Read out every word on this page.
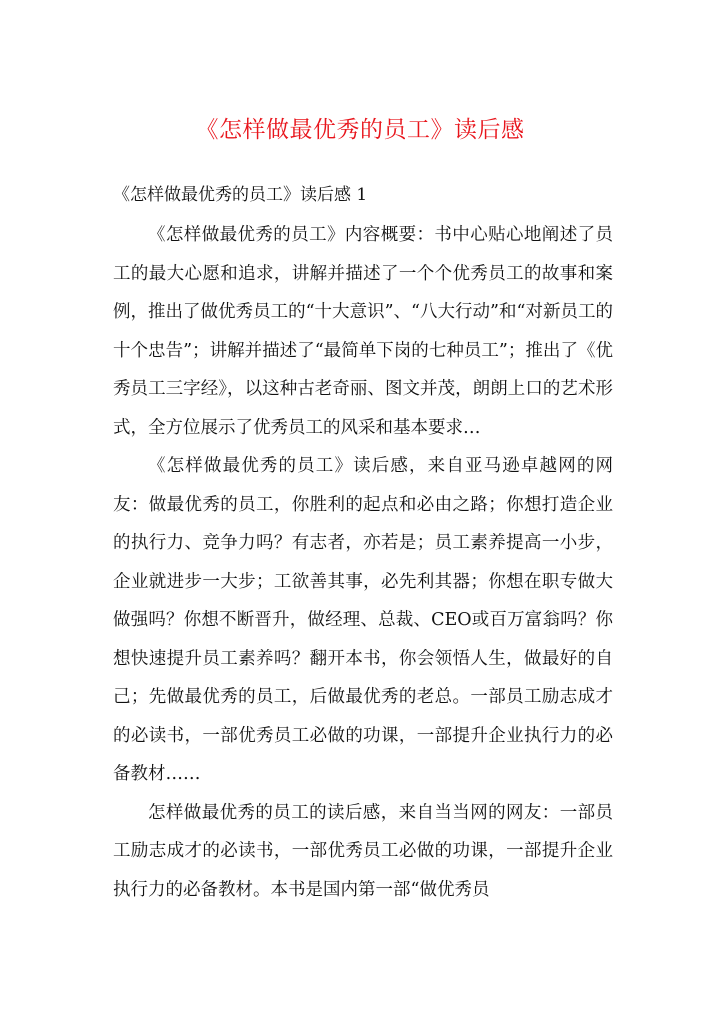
《怎样做最优秀的员工》读后感
《怎样做最优秀的员工》读后感 1

《怎样做最优秀的员工》内容概要：书中心贴心地阐述了员工的最大心愿和追求，讲解并描述了一个个优秀员工的故事和案例，推出了做优秀员工的“十大意识”、“八大行动”和“对新员工的十个忠告”；讲解并描述了“最简单下岗的七种员工”；推出了《优秀员工三字经》，以这种古老奇丽、图文并茂，朗朗上口的艺术形式，全方位展示了优秀员工的风采和基本要求…

《怎样做最优秀的员工》读后感，来自亚马逊卓越网的网友：做最优秀的员工，你胜利的起点和必由之路；你想打造企业的执行力、竞争力吗？有志者，亦若是；员工素养提高一小步，企业就进步一大步；工欲善其事，必先利其器；你想在职专做大做强吗？你想不断晋升，做经理、总裁、CEO或百万富翁吗？你想快速提升员工素养吗？翻开本书，你会领悟人生，做最好的自己；先做最优秀的员工，后做最优秀的老总。一部员工励志成才的必读书，一部优秀员工必做的功课，一部提升企业执行力的必备教材……

怎样做最优秀的员工的读后感，来自当当网的网友：一部员工励志成才的必读书，一部优秀员工必做的功课，一部提升企业执行力的必备教材。本书是国内第一部“做优秀员
